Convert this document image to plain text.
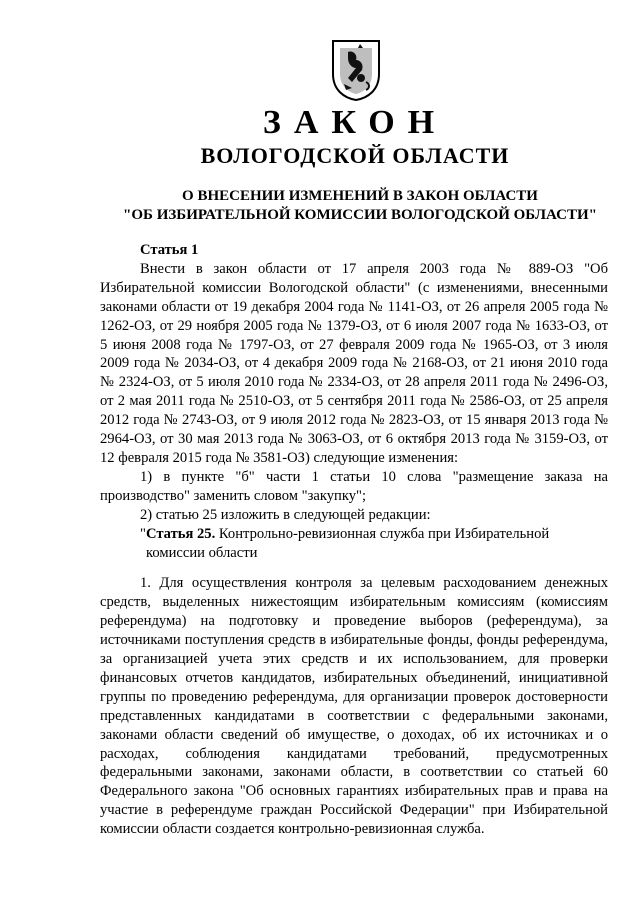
ЗАКОН
ВОЛОГОДСКОЙ ОБЛАСТИ
О ВНЕСЕНИИ ИЗМЕНЕНИЙ В ЗАКОН ОБЛАСТИ
"ОБ ИЗБИРАТЕЛЬНОЙ КОМИССИИ ВОЛОГОДСКОЙ ОБЛАСТИ"

Статья 1

Внести в закон области от 17 апреля 2003 года № 889-ОЗ "Об Избирательной комиссии Вологодской области" (с изменениями, внесенными законами области от 19 декабря 2004 года № 1141-ОЗ, от 26 апреля 2005 года № 1262-ОЗ, от 29 ноября 2005 года № 1379-ОЗ, от 6 июля 2007 года № 1633-ОЗ, от 5 июня 2008 года № 1797-ОЗ, от 27 февраля 2009 года № 1965-ОЗ, от 3 июля 2009 года № 2034-ОЗ, от 4 декабря 2009 года № 2168-ОЗ, от 21 июня 2010 года № 2324-ОЗ, от 5 июля 2010 года № 2334-ОЗ, от 28 апреля 2011 года № 2496-ОЗ, от 2 мая 2011 года № 2510-ОЗ, от 5 сентября 2011 года № 2586-ОЗ, от 25 апреля 2012 года № 2743-ОЗ, от 9 июля 2012 года № 2823-ОЗ, от 15 января 2013 года № 2964-ОЗ, от 30 мая 2013 года № 3063-ОЗ, от 6 октября 2013 года № 3159-ОЗ, от 12 февраля 2015 года № 3581-ОЗ) следующие изменения:

1) в пункте "б" части 1 статьи 10 слова "размещение заказа на производство" заменить словом "закупку";

2) статью 25 изложить в следующей редакции:

" Статья 25. Контрольно-ревизионная служба при Избирательной комиссии области

1. Для осуществления контроля за целевым расходованием денежных средств, выделенных нижестоящим избирательным комиссиям (комиссиям референдума) на подготовку и проведение выборов (референдума), за источниками поступления средств в избирательные фонды, фонды референдума, за организацией учета этих средств и их использованием, для проверки финансовых отчетов кандидатов, избирательных объединений, инициативной группы по проведению референдума, для организации проверок достоверности представленных кандидатами в соответствии с федеральными законами, законами области сведений об имуществе, о доходах, об их источниках и о расходах, соблюдения кандидатами требований, предусмотренных федеральными законами, законами области, в соответствии со статьей 60 Федерального закона "Об основных гарантиях избирательных прав и права на участие в референдуме граждан Российской Федерации" при Избирательной комиссии области создается контрольно-ревизионная служба.
